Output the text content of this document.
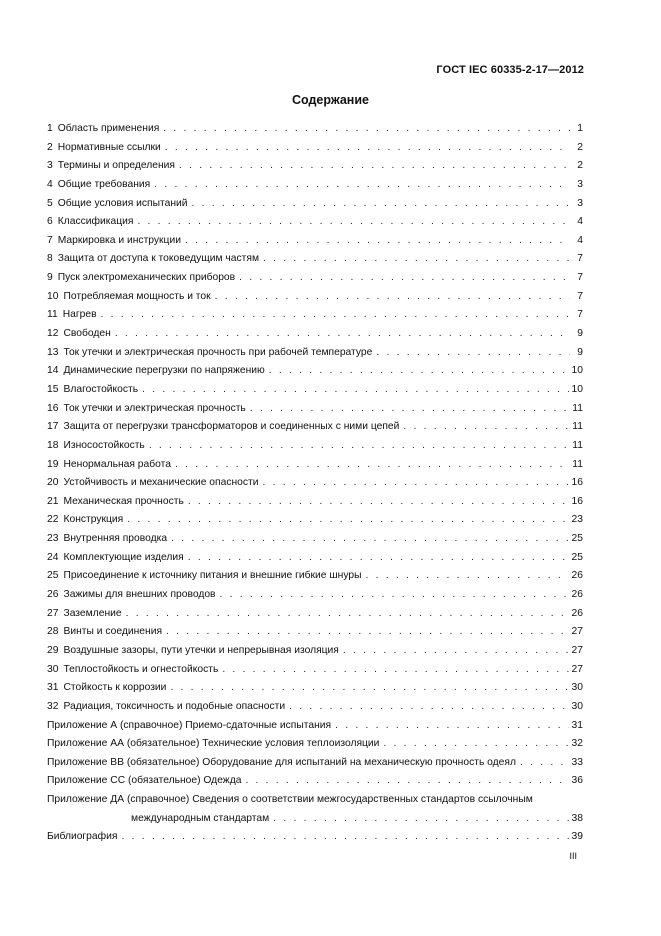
ГОСТ IEC 60335-2-17—2012
Содержание
1 Область применения . . .	1
2 Нормативные ссылки . . .	2
3 Термины и определения . . .	2
4 Общие требования . . .	3
5 Общие условия испытаний . . .	3
6 Классификация . . .	4
7 Маркировка и инструкции . . .	4
8 Защита от доступа к токоведущим частям . . .	7
9 Пуск электромеханических приборов . . .	7
10 Потребляемая мощность и ток . . .	7
11 Нагрев . . .	7
12 Свободен . . .	9
13 Ток утечки и электрическая прочность при рабочей температуре . . .	9
14 Динамические перегрузки по напряжению . . .	10
15 Влагостойкость . . .	10
16 Ток утечки и электрическая прочность . . .	11
17 Защита от перегрузки трансформаторов и соединенных с ними цепей . . .	11
18 Износостойкость . . .	11
19 Ненормальная работа . . .	11
20 Устойчивость и механические опасности . . .	16
21 Механическая прочность . . .	16
22 Конструкция . . .	23
23 Внутренняя проводка . . .	25
24 Комплектующие изделия . . .	25
25 Присоединение к источнику питания и внешние гибкие шнуры . . .	26
26 Зажимы для внешних проводов . . .	26
27 Заземление . . .	26
28 Винты и соединения . . .	27
29 Воздушные зазоры, пути утечки и непрерывная изоляция . . .	27
30 Теплостойкость и огнестойкость . . .	27
31 Стойкость к коррозии . . .	30
32 Радиация, токсичность и подобные опасности . . .	30
Приложение А (справочное) Приемо-сдаточные испытания . . .	31
Приложение АА (обязательное) Технические условия теплоизоляции . . .	32
Приложение ВВ (обязательное) Оборудование для испытаний на механическую прочность одеял . . .	33
Приложение СС (обязательное) Одежда . . .	36
Приложение ДА (справочное) Сведения о соответствии межгосударственных стандартов ссылочным
международным стандартам . . .	38
Библиография . . .	39
III
